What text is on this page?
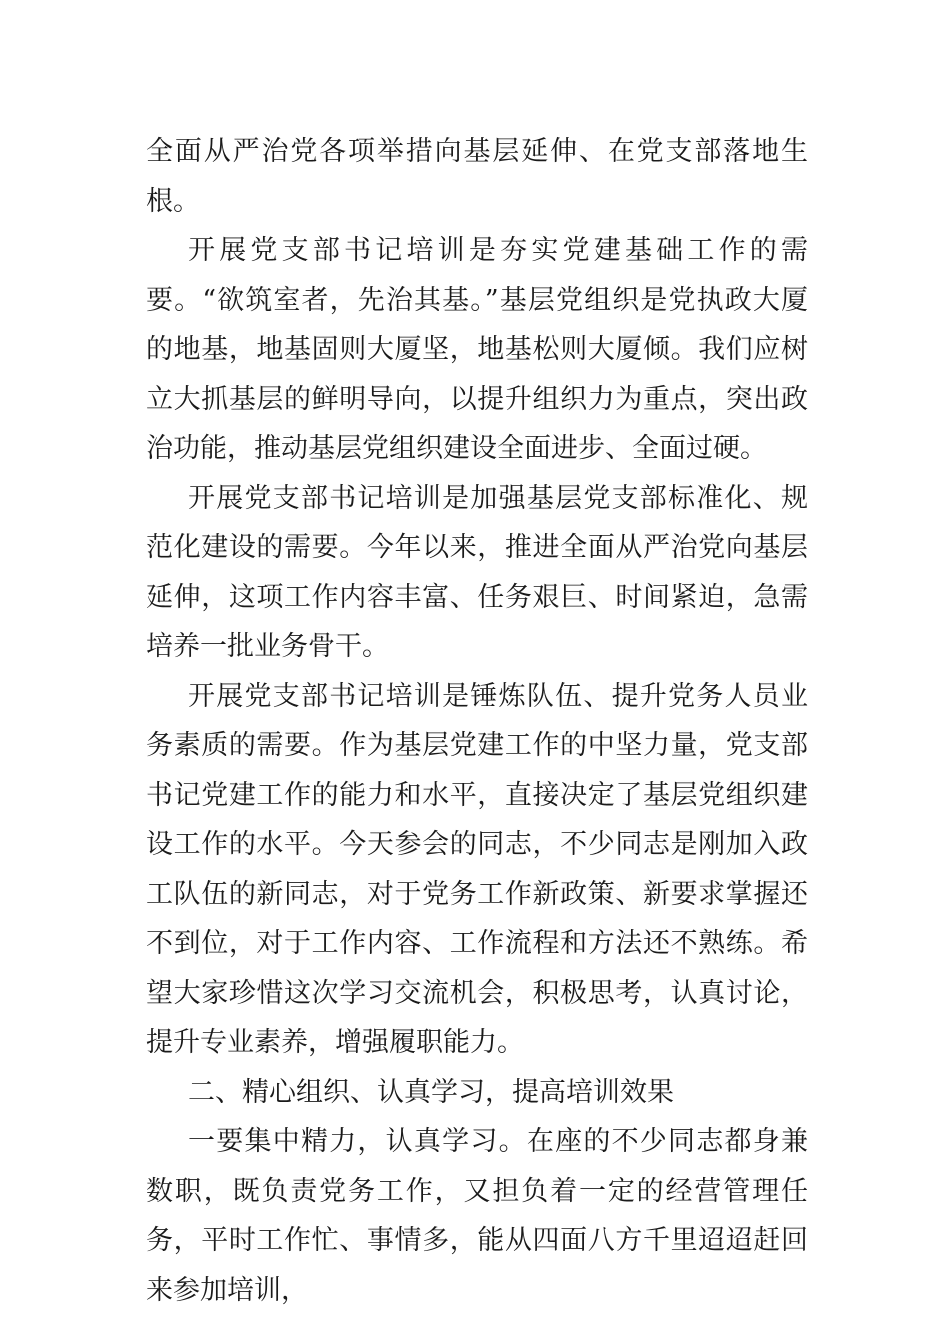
全面从严治党各项举措向基层延伸、在党支部落地生根。

开展党支部书记培训是夯实党建基础工作的需要。“欲筑室者，先治其基。”基层党组织是党执政大厦的地基，地基固则大厦坚，地基松则大厦倾。我们应树立大抓基层的鲜明导向，以提升组织力为重点，突出政治功能，推动基层党组织建设全面进步、全面过硬。

开展党支部书记培训是加强基层党支部标准化、规范化建设的需要。今年以来，推进全面从严治党向基层延伸，这项工作内容丰富、任务艰巨、时间紧迫，急需培养一批业务骨干。

开展党支部书记培训是锤炼队伍、提升党务人员业务素质的需要。作为基层党建工作的中坚力量，党支部书记党建工作的能力和水平，直接决定了基层党组织建设工作的水平。今天参会的同志，不少同志是刚加入政工队伍的新同志，对于党务工作新政策、新要求掌握还不到位，对于工作内容、工作流程和方法还不熟练。希望大家珍惜这次学习交流机会，积极思考，认真讨论，提升专业素养，增强履职能力。

二、精心组织、认真学习，提高培训效果

一要集中精力，认真学习。在座的不少同志都身兼数职，既负责党务工作，又担负着一定的经营管理任务，平时工作忙、事情多，能从四面八方千里迢迢赶回来参加培训，
